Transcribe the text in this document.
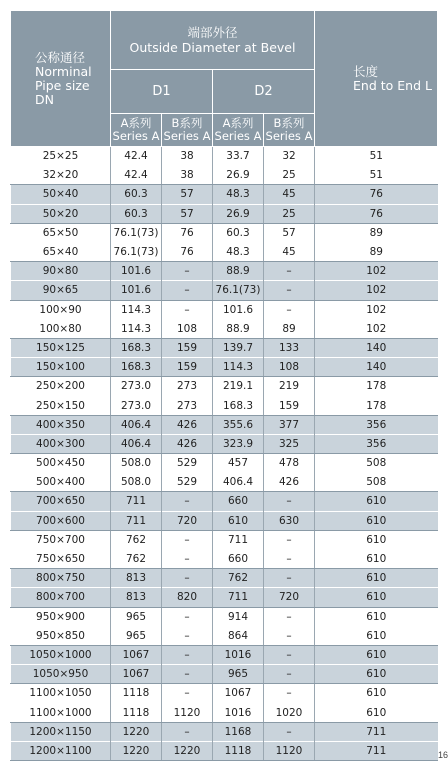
公称通径
Norminal
Pipe size
DN	端部外径
Outside Diameter at Bevel				长度
End to End L

	D1		D2		

	A系列
Series A	B系列
Series A	A系列
Series A	B系列
Series A	

25×25	42.4	38	33.7	32	51
32×20	42.4	38	26.9	25	51
50×40	60.3	57	48.3	45	76
50×20	60.3	57	26.9	25	76
65×50	76.1(73)	76	60.3	57	89
65×40	76.1(73)	76	48.3	45	89
90×80	101.6	–	88.9	–	102
90×65	101.6	–	76.1(73)	–	102
100×90	114.3	–	101.6	–	102
100×80	114.3	108	88.9	89	102
150×125	168.3	159	139.7	133	140
150×100	168.3	159	114.3	108	140
250×200	273.0	273	219.1	219	178
250×150	273.0	273	168.3	159	178
400×350	406.4	426	355.6	377	356
400×300	406.4	426	323.9	325	356
500×450	508.0	529	457	478	508
500×400	508.0	529	406.4	426	508
700×650	711	–	660	–	610
700×600	711	720	610	630	610
750×700	762	–	711	–	610
750×650	762	–	660	–	610
800×750	813	–	762	–	610
800×700	813	820	711	720	610
950×900	965	–	914	–	610
950×850	965	–	864	–	610
1050×1000	1067	–	1016	–	610
1050×950	1067	–	965	–	610
1100×1050	1118	–	1067	–	610
1100×1000	1118	1120	1016	1020	610
1200×1150	1220	–	1168	–	711
1200×1100	1220	1220	1118	1120	711	16
